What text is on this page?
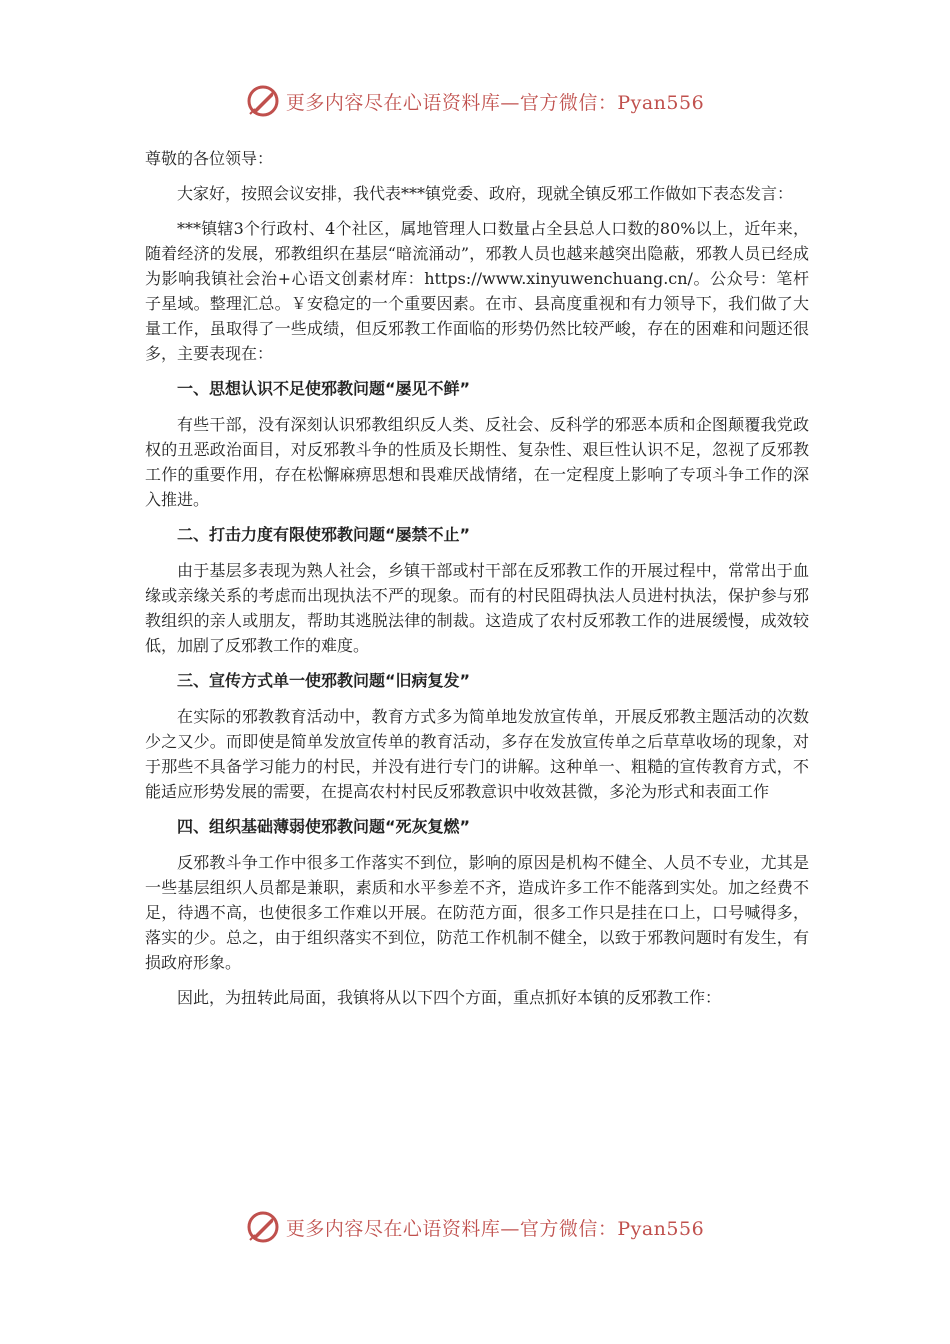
更多内容尽在心语资料库—官方微信：Pyan556

尊敬的各位领导：

大家好，按照会议安排，我代表***镇党委、政府，现就全镇反邪工作做如下表态发言：

***镇辖3个行政村、4个社区，属地管理人口数量占全县总人口数的80%以上，近年来，随着经济的发展，邪教组织在基层“暗流涌动”，邪教人员也越来越突出隐蔽，邪教人员已经成为影响我镇社会治+心语文创素材库：https://www.xinyuwenchuang.cn/。公众号：笔杆子星域。整理汇总。￥安稳定的一个重要因素。在市、县高度重视和有力领导下，我们做了大量工作，虽取得了一些成绩，但反邪教工作面临的形势仍然比较严峻，存在的困难和问题还很多，主要表现在：

一、思想认识不足使邪教问题“屡见不鲜”

有些干部，没有深刻认识邪教组织反人类、反社会、反科学的邪恶本质和企图颠覆我党政权的丑恶政治面目，对反邪教斗争的性质及长期性、复杂性、艰巨性认识不足，忽视了反邪教工作的重要作用，存在松懈麻痹思想和畏难厌战情绪，在一定程度上影响了专项斗争工作的深入推进。

二、打击力度有限使邪教问题“屡禁不止”

由于基层多表现为熟人社会，乡镇干部或村干部在反邪教工作的开展过程中，常常出于血缘或亲缘关系的考虑而出现执法不严的现象。而有的村民阻碍执法人员进村执法，保护参与邪教组织的亲人或朋友，帮助其逃脱法律的制裁。这造成了农村反邪教工作的进展缓慢，成效较低，加剧了反邪教工作的难度。

三、宣传方式单一使邪教问题“旧病复发”

在实际的邪教教育活动中，教育方式多为简单地发放宣传单，开展反邪教主题活动的次数少之又少。而即使是简单发放宣传单的教育活动，多存在发放宣传单之后草草收场的现象，对于那些不具备学习能力的村民，并没有进行专门的讲解。这种单一、粗糙的宣传教育方式，不能适应形势发展的需要，在提高农村村民反邪教意识中收效甚微，多沦为形式和表面工作

四、组织基础薄弱使邪教问题“死灰复燃”

反邪教斗争工作中很多工作落实不到位，影响的原因是机构不健全、人员不专业，尤其是一些基层组织人员都是兼职，素质和水平参差不齐，造成许多工作不能落到实处。加之经费不足，待遇不高，也使很多工作难以开展。在防范方面，很多工作只是挂在口上，口号喊得多，落实的少。总之，由于组织落实不到位，防范工作机制不健全，以致于邪教问题时有发生，有损政府形象。

因此，为扭转此局面，我镇将从以下四个方面，重点抓好本镇的反邪教工作：

更多内容尽在心语资料库—官方微信：Pyan556
